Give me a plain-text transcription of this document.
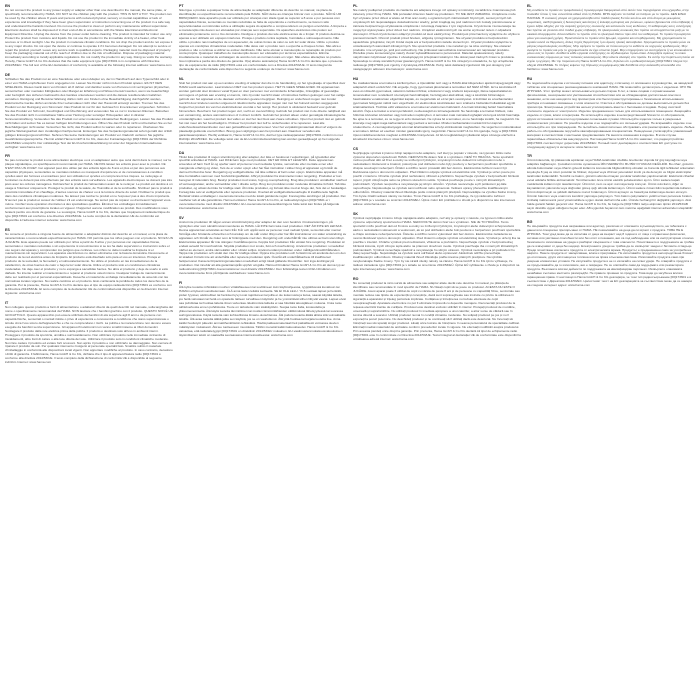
EN

Do not connect the product to any power supply or adapter other than one described in the manual, the same plate, or specifically recommended by HAMA. DO NOT let the children play with the product. THIS IS NOT A TOY. The product can be used by the children above 8 years and persons with reduced physical, sensory or mental capabilities or lack of experience and knowledge if they have been given supervision or instruction concerning use of the product in a safe way and understand the hazards involved. Do not use the product to clean or perform any maintenance without supervision. Electronic devices shall be disposed of in their end-of-life in accordance with the Waste Electrical and Electronic Equipment Directive. Unplug the device from the power outlet before cleaning. The product is intended for indoor use only. Protect the product from moisture and liquids. Do not use the product in the immediate vicinity of a heater, other heat sources or in direct sunlight. Use the product in moderate climatic conditions. Do not drop the product and do not expose it to any major shocks. Do not open the device or continue to operate it if it becomes damaged. Do not attempt to service or repair the product yourself. Leave any service work to qualified experts. Packaging material must be disposed of properly. Keep the packaging material out of the reach of children due to the risk of suffocation. Dispose of packaging material immediately according to locally applicable regulations. Do not modify the product in any way. Doing so voids the warranty. Hereby, Hama GmbH & Co KG declares that the radio equipment type [00]173601 is in compliance with Directive 2014/53/EU. The full text of the EU declaration of conformity is available at the following internet address: www.hama.com

DE

Schließen Sie das Produkt nur an eine Steckdose oder einen Adapter an, der im Handbuch auf dem Typenschild oder in einer von HAMA empfohlenen Form angegeben ist. Lassen Sie Kinder nicht mit dem Produkt spielen. ES IST KEIN SPIELZEUG. Dieses Gerät kann von Kindern ab 8 Jahren und darüber sowie von Personen mit verringerten physischen, sensorischen oder mentalen Fähigkeiten oder Mangel an Erfahrung und Wissen benutzt werden, wenn sie beaufsichtigt oder bezüglich des sicheren Gebrauchs des Gerätes unterwiesen wurden und die daraus resultierenden Gefahren verstehen. Reinigung und Benutzer-Wartung dürfen nicht von Kindern ohne Beaufsichtigung durchgeführt werden. Elektronische Geräte dürfen am Ende ihrer Lebensdauer nicht über den Hausmüll entsorgt werden. Trennen Sie das Produkt vor der Reinigung vom Stromnetz. Das Produkt ist nur für den Gebrauch in Innenräumen vorgesehen. Schützen Sie das Produkt vor Schmutz, Feuchtigkeit und Überhitzung und verwenden Sie es nur in trockenen Räumen. Betreiben Sie das Produkt nicht in unmittelbarer Nähe einer Heizung oder sonstiger Hitzequellen oder in direkter Sonneneinstrahlung. Verwenden Sie das Produkt nur unter moderaten klimatischen Bedingungen. Lassen Sie das Produkt nicht fallen und setzen Sie es keinen heftigen Erschütterungen aus. Öffnen Sie das Produkt nicht und betreiben Sie es bei Beschädigungen nicht weiter. Versuchen Sie nicht, das Produkt selbst zu warten oder zu reparieren. Überlassen Sie jegliche Wartungsarbeit dem zuständigen Fachpersonal. Entsorgen Sie das Verpackungsmaterial sofort gemäß den örtlich gültigen Entsorgungsvorschriften. Nehmen Sie keine Veränderungen am Produkt vor. Dadurch verlieren Sie jegliche Gewährleistungsansprüche. Hiermit erklärt Hama GmbH & Co KG, dass der Funkanlagentyp [00]173601 der Richtlinie 2014/53/EU entspricht. Der vollständige Text der EU-Konformitätserklärung ist unter der folgenden Internetadresse verfügbar: www.hama.com

FR

Ne pas connecter le produit à une alimentation électrique ou à un adaptateur autre que celui décrit dans le manuel, sur la plaque signalétique, ou spécifiquement recommandé par HAMA. NE PAS laisser les enfants jouer avec le produit. CE N'EST PAS UN JOUET. Cet appareil peut être utilisé par des enfants âgés de 8 ans et plus et par des personnes aux capacités physiques, sensorielles ou mentales réduites ou manquant d'expérience et de connaissances à condition qu'elles aient été formées et encadrées pour son utilisation et qu'elles en comprennent les risques. Le nettoyage et l'entretien ne doivent pas être effectués par des enfants sans surveillance. Les appareils électroniques ne doivent pas être jetés avec les ordures ménagères. Débranchez le produit de l'alimentation avant de le nettoyer. Le produit est destiné à un usage à l'intérieur uniquement. Protégez le produit de la saleté, de l'humidité et de la surchauffe. N'utilisez pas le produit à proximité immédiate d'un chauffage, d'autres sources de chaleur ou à la lumière directe du soleil. N'utilisez le produit que dans des conditions climatiques modérées. Ne laissez pas tomber le produit et ne l'exposez pas à des chocs importants. N'ouvrez pas le produit et cessez de l'utiliser s'il est endommagé. Ne tentez pas de réparer ou d'entretenir l'appareil vous-même. Confiez toute opération d'entretien à des spécialistes qualifiés. Éliminez les emballages immédiatement conformément aux prescriptions locales en vigueur. N'apportez aucune modification au produit. Des modifications vous feraient perdre vos droits de garantie. Le soussigné, Hama GmbH & Co KG, déclare que l'équipement radioélectrique du type [00]173601 est conforme à la directive 2014/53/UE. Le texte complet de la déclaration UE de conformité est disponible à l'adresse internet suivante: www.hama.com

ES

No conecte el producto a ninguna fuente de alimentación o adaptador distinto del descrito en el manual, en la placa de características o recomendado específicamente por HAMA. NO permita que los niños jueguen con el producto. NO ES UN JUGUETE. Este aparato puede ser utilizado por niños a partir de 8 años y por personas con capacidades físicas, sensoriales o mentales reducidas o sin experiencia ni conocimientos si se les ha dado supervisión o instrucción sobre el uso seguro del aparato y comprenden los peligros que conlleva. Los niños no deben realizar la limpieza ni el mantenimiento sin supervisión. Los aparatos electrónicos no deben eliminarse con la basura doméstica. Desconecte el producto de la red eléctrica antes de limpiarlo. El producto está diseñado sólo para el uso en interiores. Proteja el producto de la suciedad, la humedad y el sobrecalentamiento. No utilice el producto en las inmediaciones de la calefacción, de otras fuentes de calor o bajo la luz solar directa. Utilice el producto sólo en condiciones climáticas moderadas. No deje caer el producto y no lo exponga a sacudidas fuertes. No abra el producto y deje de usarlo si está dañado. No intente realizar el mantenimiento o reparar el producto usted mismo. Cualquier trabajo de mantenimiento debe ser realizado por el personal especializado. Deseche el material de embalaje inmediatamente de acuerdo con las normativas locales vigentes. No realice cambios en el producto. Esto conllevaría la pérdida de todos los derechos de la garantía. Por la presente, Hama GmbH & Co KG declara que el tipo de equipo radioeléctrico [00]173601 es conforme con la Directiva 2014/53/UE. El texto completo de la declaración UE de conformidad está disponible en la dirección Internet siguiente: www.hama.com

IT

Non collegare questo prodotto a fonti di alimentazione o adattatori diversi da quelli descritti nel manuale, sulla targhetta del nome o specificamente raccomandati da HAMA. NON lasciare che i bambini giochino con il prodotto. QUESTO NON È UN GIOCATTOLO. Questo apparecchio può essere utilizzato da bambini di età superiore agli 8 anni e da persone con capacità fisiche, sensoriali o mentali ridotte o prive di esperienza e conoscenza a condizione che siano supervisionate o istruite circa l'uso sicuro dell'apparecchio e che ne comprendano i rischi. La pulizia e la manutenzione non devono essere eseguite da bambini senza supervisione. Gli apparecchi elettronici non vanno smaltiti insieme ai rifiuti domestici. Scollegare il prodotto dalla rete elettrica prima della pulizia. Il prodotto è destinato solo all'uso in ambienti interni. Proteggere il prodotto da sporcizia, umidità e surriscaldamento. Non utilizzare il prodotto nelle immediate vicinanze di riscaldamenti, altre fonti di calore o alla luce diretta del sole. Utilizzare il prodotto solo in condizioni climatiche moderate. Non fare cadere il prodotto ed evitare forti scossoni. Non aprire il prodotto e non utilizzarlo se danneggiato. Non cercare di riparare il prodotto da soli. Per qualsiasi intervento rivolgersi al personale specializzato. Smaltire subito il materiale d'imballaggio in conformità alle disposizioni locali vigenti. Non apportare modifiche al prodotto. In caso contrario, decadono i diritti di garanzia. Il fabbricante, Hama GmbH & Co KG, dichiara che il tipo di apparecchiatura radio [00]173601 è conforme alla direttiva 2014/53/UE. Il testo completo della dichiarazione di conformità UE è disponibile al seguente indirizzo Internet: www.hama.com

PT

Não ligue o produto a qualquer fonte de alimentação ou adaptador diferente do descrito no manual, na placa de identificação ou especificamente recomendado pela HAMA. NÃO deixe as crianças brincar com o produto. NÃO É UM BRINQUEDO. Este aparelho pode ser utilizado por crianças com idade igual ou superior a 8 anos e por pessoas com capacidades físicas, sensoriais ou mentais reduzidas ou falta de experiência e conhecimento, se tiverem sido supervisionadas ou instruídas sobre a utilização segura do aparelho e compreenderem os perigos envolvidos. A limpeza e a manutenção não devem ser efetuadas por crianças sem supervisão. Os aparelhos eletrónicos não podem ser eliminados juntamente com o lixo doméstico. Desligue o produto da rede elétrica antes de o limpar. O produto destina-se apenas a ser utilizado em espaços interiores. Proteja o produto contra sujidade, humidade e sobreaquecimento. Não utilize o produto nas imediações de um aquecedor, de outras fontes de calor ou sob luz solar direta. Utilize o produto apenas em condições climatéricas moderadas. Não deixe cair o produto nem o exponha a choques fortes. Não abra o produto e não o continue a utilizar se estiver danificado. Não tente efetuar a manutenção ou reparação do produto por conta própria. Quaisquer trabalhos de manutenção devem ser efetuados por técnicos especializados. Elimine imediatamente o material de embalagem de acordo com as normas locais em vigor. Não efetue alterações no produto. Isso implicaria a perda dos direitos de garantia. O(a) abaixo assinado(a) Hama GmbH & Co KG declara que o presente tipo de equipamento de rádio [00]173601 está em conformidade com a Diretiva 2014/53/UE. O texto integral da declaração de conformidade está disponível no seguinte endereço de Internet: www.hama.com

NL

Sluit het product niet aan op een andere voeding of adapter dan die in de handleiding, op het typeplaatje of specifiek door HAMA wordt aanbevolen. Laat kinderen NIET met het product spelen. HET IS GEEN SPEELGOED. Dit apparaat kan worden gebruikt door kinderen vanaf 8 jaar en door personen met verminderde lichamelijke, zintuiglijke of geestelijke vermogens of gebrek aan ervaring en kennis, mits zij onder toezicht staan of instructies hebben gekregen over het veilige gebruik van het apparaat en de daaraan verbonden gevaren begrijpen. Reiniging en onderhoud mogen niet zonder toezicht door kinderen worden uitgevoerd. Elektronische apparaten mogen niet met het huisvuil worden weggegooid. Koppel het product los van het elektriciteitsnet voordat u het reinigt. Het product is uitsluitend bedoeld voor gebruik binnenshuis. Bescherm het product tegen vuil, vocht en oververhitting. Gebruik het product niet in de directe nabijheid van een verwarming, andere warmtebronnen of in direct zonlicht. Gebruik het product alleen onder gematigde klimatologische omstandigheden. Laat het product niet vallen en stel het niet bloot aan zware schokken. Open het product niet en gebruik het niet meer als het beschadigd is. Probeer het product niet zelf te onderhouden of te repareren. Laat alle onderhoudswerkzaamheden over aan gekwalificeerd vakpersoneel. Voer het verpakkingsmateriaal direct af volgens de plaatselijk geldende voorschriften. Breng geen wijzigingen aan het product aan. Daardoor vervallen alle garantieaanspraken. Hierbij verklaar ik, Hama GmbH & Co KG, dat het type radioapparatuur [00]173601 conform is met Richtlijn 2014/53/EU. De volledige tekst van de EU-conformiteitsverklaring kan worden geraadpleegd op het volgende internetadres: www.hama.com

DA

Tilslut ikke produktet til nogen strømforsyning eller adapter, der ikke er beskrevet i vejledningen, på typeskiltet eller specifikt anbefalet af HAMA. Lad IKKE børn lege med produktet. DET ER IKKE ET LEGETØJ. Dette apparat kan anvendes af børn fra 8 år og opefter samt af personer med nedsatte fysiske, sensoriske eller mentale evner eller manglende erfaring og viden, hvis de er under opsyn eller har fået instruktion i sikker brug af apparatet og forstår de dermed forbundne farer. Rengøring og vedligeholdelse må ikke udføres af børn uden opsyn. Elektroniske apparater må ikke bortskaffes sammen med husholdningsaffaldet. Afbryd produktet fra strømnettet inden rengøring. Produktet er kun beregnet til indendørs brug. Beskyt produktet mod snavs, fugt og overophedning. Brug ikke produktet i umiddelbar nærhed af varmeapparater, andre varmekilder eller i direkte sollys. Brug kun produktet under moderate klimatiske forhold. Tab ikke produktet, og udsæt det ikke for kraftige stød. Åbn ikke produktet, og fortsæt ikke med at bruge det, hvis det er beskadiget. Forsøg ikke selv at vedligeholde eller reparere produktet. Overlad alt vedligeholdelsesarbejde til kvalificerede fagfolk. Bortskaf straks emballagen i overensstemmelse med de lokalt gældende regler. Foretag ikke ændringer på produktet. Det medfører tab af alle garantikrav. Hermed erklærer Hama GmbH & Co KG, at radioudstyrstypen [00]173601 er i overensstemmelse med direktiv 2014/53/EU. EU-overensstemmelseserklæringens fulde tekst kan findes på følgende internetadresse: www.hama.com

SV

Anslut inte produkten till någon annan strömförsörjning eller adapter än den som beskrivs i bruksanvisningen, på typskylten eller som särskilt rekommenderas av HAMA. Låt INTE barn leka med produkten. DET ÄR INTE EN LEKSAK. Denna apparat kan användas av barn från 8 år och uppåt samt av personer med nedsatt fysisk, sensorisk eller mental förmåga eller bristande erfarenhet och kunskap om de står under tillsyn eller har fått instruktioner om säker användning av apparaten och förstår de risker som är förknippade med den. Rengöring och underhåll får inte utföras av barn utan tillsyn. Elektroniska apparater får inte slängas i hushållssoporna. Koppla bort produkten från elnätet före rengöring. Produkten är endast avsedd för inomhusbruk. Skydda produkten mot smuts, fukt och överhettning. Använd inte produkten i omedelbar närhet av element, andra värmekällor eller i direkt solljus. Använd endast produkten under måttliga klimatförhållanden. Tappa inte produkten och utsätt den inte för kraftiga stötar. Öppna inte produkten och fortsätt inte att använda den om den är skadad. Försök inte att underhålla eller reparera produkten själv. Överlåt allt underhållsarbete till kvalificerad fackpersonal. Kassera förpackningsmaterialet omedelbart enligt lokalt gällande föreskrifter. Gör inga ändringar på produkten. Det innebär att alla garantianspråk upphör att gälla. Härmed försäkrar Hama GmbH & Co KG att denna typ av radioutrustning [00]173601 överensstämmer med direktiv 2014/53/EU. Den fullständiga texten till EU-försäkran om överensstämmelse finns på följande webbadress: www.hama.com

FI

Älä kytke tuotetta mihinkään muuhun virtalähteeseen tai sovittimeen kuin käyttöohjeessa, tyyppikilvessä kuvattuun tai HAMAn erityisesti suosittelemaan. ÄLÄ anna lasten leikkiä tuotteella. SE EI OLE LELU. Yli 8-vuotiaat lapset ja henkilöt, joiden fyysiset, aistimelliset tai henkiset kyvyt ovat rajoittuneet tai joilla ei ole kokemusta ja tietoa, saavat käyttää laitetta, jos heitä valvotaan tai heitä on opastettu laitteen turvalliseen käyttöön ja he ymmärtävät siihen liittyvät vaarat. Lapset eivät saa puhdistaa tai huoltaa laitetta ilman valvontaa. Elektronisia laitteita ei saa hävittää talousjätteen mukana. Irrota tuote sähköverkosta ennen puhdistusta. Tuote on tarkoitettu vain sisäkäyttöön. Suojaa tuote lialta, kosteudelta ja ylikuumenemiselta. Älä käytä tuotetta lämmittimen tai muiden lämmönlähteiden välittömässä läheisyydessä tai suorassa auringonvalossa. Käytä tuotetta vain kohtuullisissa ilmasto-olosuhteissa. Älä pudota tuotetta äläkä altista sitä voimakkaille iskuille. Älä avaa tuotetta äläkä jatka sen käyttöä, jos se on vaurioitunut. Älä yritä huoltaa tai korjata tuotetta itse. Anna kaikki huoltotyöt pätevän ammattihenkilöstön tehtäväksi. Hävitä pakkausmateriaali heti paikallisesti voimassa olevien määräysten mukaisesti. Älä tee tuotteeseen muutoksia. Tällöin menetät kaikki takuuoikeudet. Hama GmbH & Co KG vakuuttaa, että radiolaitetyyppi [00]173601 on direktiivin 2014/53/EU mukainen. EU-vaatimustenmukaisuusvakuutuksen täysimittainen teksti on saatavilla seuraavassa internetosoitteessa: www.hama.com

PL

Nie należy podłączać produktu do zasilacza ani adaptera innego niż opisany w instrukcji, na tabliczce znamionowej lub zalecany przez firmę HAMA. NIE pozwalać dzieciom bawić się produktem. TO NIE JEST ZABAWKA. Urządzenie może być używane przez dzieci w wieku od 8 lat oraz osoby o ograniczonych zdolnościach fizycznych, sensorycznych lub umysłowych lub nieposiadające doświadczenia i wiedzy, jeżeli znajdują się pod nadzorem lub zostały poinstruowane w zakresie bezpiecznego użytkowania urządzenia i rozumieją związane z tym zagrożenia. Czyszczenie i konserwacja nie mogą być wykonywane przez dzieci bez nadzoru. Urządzeń elektronicznych nie wolno wyrzucać razem z odpadami domowymi. Przed czyszczeniem odłączyć produkt od sieci elektrycznej. Produkt jest przeznaczony wyłącznie do użytku w pomieszczeniach. Chronić produkt przed brudem, wilgocią i przegrzaniem. Nie używać produktu w bezpośrednim sąsiedztwie grzejników, innych źródeł ciepła ani w bezpośrednim świetle słonecznym. Używać produktu wyłącznie w umiarkowanych warunkach klimatycznych. Nie upuszczać produktu i nie narażać go na silne wstrząsy. Nie otwierać produktu i nie używać go, jeśli jest uszkodzony. Nie próbować samodzielnie konserwować ani naprawiać produktu. Wszelkie prace konserwacyjne należy zlecać wykwalifikowanemu personelowi. Materiał opakowaniowy należy natychmiast zutylizować zgodnie z obowiązującymi przepisami lokalnymi. Nie dokonywać żadnych zmian w produkcie. Spowoduje to utratę wszelkich praw gwarancyjnych. Hama GmbH & Co KG niniejszym oświadcza, że typ urządzenia radiowego [00]173601 jest zgodny z dyrektywą 2014/53/UE. Pełny tekst deklaracji zgodności UE jest dostępny pod następującym adresem internetowym: www.hama.com

HU

Ne csatlakoztassa a terméket a kézikönyvben, a típustáblán leírt vagy a HAMA által kifejezetten ajánlott tápegységtől vagy adaptertől eltérő eszközhöz. NE engedje, hogy gyermekek játsszanak a termékkel. EZ NEM JÁTÉK. Ezt a készüléket 8 éves és idősebb gyermekek, valamint csökkent fizikai, érzékszervi vagy szellemi képességű, illetve tapasztalattal és ismeretekkel nem rendelkező személyek használhatják, ha felügyelet alatt állnak, vagy a készülék biztonságos használatára vonatkozóan eligazítást kaptak, és megértették az ezzel járó veszélyeket. A tisztítást és a karbantartást gyermekek felügyelet nélkül nem végezhetik. Az elektronikus készülékeket nem szabad a háztartási hulladékkal együtt ártalmatlanítani. Tisztítás előtt válassza le a terméket az elektromos hálózatról. A termék kizárólag beltéri használatra készült. Óvja a terméket a szennyeződéstől, nedvességtől és túlmelegedéstől. Ne használja a terméket fűtőtest, más hőforrás közvetlen közelében vagy közvetlen napfényben. A terméket csak mérsékelt éghajlati viszonyok között használja. Ne ejtse le a terméket, és ne tegye ki erős ütéseknek. Ne nyissa fel a terméket, és ne használja tovább, ha megsérült. Ne kísérelje meg saját maga karbantartani vagy javítani a terméket. Minden karbantartási munkát bízzon képzett szakemberre. A csomagolóanyagot azonnal ártalmatlanítsa a helyi előírásoknak megfelelően. Ne végezzen módosításokat a terméken. Ebben az esetben minden garanciális igény megszűnik. Hama GmbH & Co KG igazolja, hogy a [00]173601 típusú rádióberendezés megfelel a 2014/53/EU irányelvnek. Az EU-megfelelőségi nyilatkozat teljes szövege elérhető a következő internetes címen: www.hama.com

CS

Nepřipojujte výrobek k jinému zdroji napájení nebo adaptéru, než který je popsán v návodu, na typovém štítku nebo výslovně doporučen společností HAMA. NEDOVOLTE dětem hrát si s výrobkem. NENÍ TO HRAČKA. Tento spotřebič mohou používat děti od 8 let a osoby se sníženými fyzickými, smyslovými nebo duševními schopnostmi nebo s nedostatkem zkušeností a znalostí, pokud jsou pod dohledem nebo byly poučeny o bezpečném používání spotřebiče a chápou související nebezpečí. Čištění a údržbu nesmí provádět děti bez dozoru. Elektronická zařízení nesmí být likvidována spolu s domovním odpadem. Před čištěním odpojte výrobek od elektrické sítě. Výrobek je určen pouze pro použití v interiéru. Chraňte výrobek před nečistotami, vlhkostí a přehřátím. Nepoužívejte výrobek v bezprostřední blízkosti topení, jiných zdrojů tepla nebo na přímém slunečním světle. Výrobek používejte pouze v mírných klimatických podmínkách. Výrobek neupusťte a nevystavujte jej silným otřesům. Výrobek neotevírejte a při poškození jej dále nepoužívejte. Nepokoušejte se výrobek sami udržovat nebo opravovat. Veškeré opravy přenechte kvalifikovaným odborníkům. Obalový materiál ihned zlikvidujte podle místně platných předpisů. Neprovádějte na výrobku žádné změny. Tím byste ztratili veškeré nároky na záruku. Tímto Hama GmbH & Co KG prohlašuje, že typ rádiového zařízení [00]173601 je v souladu se směrnicí 2014/53/EU. Úplné znění EU prohlášení o shodě je k dispozici na této internetové adrese: www.hama.com

SK

Výrobok nepripájajte k inému zdroju napájania alebo adaptéru, než aký je opísaný v návode, na typovom štítku alebo výslovne odporúčaný spoločnosťou HAMA. NEDOVOĽTE deťom hrať sa s výrobkom. NIE JE TO HRAČKA. Tento spotrebič môžu používať deti od 8 rokov a osoby so zníženými fyzickými, zmyslovými alebo duševnými schopnosťami alebo s nedostatkom skúseností a vedomostí, ak sú pod dohľadom alebo boli poučené o bezpečnom používaní spotrebiča a chápu súvisiace nebezpečenstvá. Čistenie a údržbu nesmú vykonávať deti bez dozoru. Elektronické zariadenia sa nesmú likvidovať spolu s domovým odpadom. Pred čistením odpojte výrobok od elektrickej siete. Výrobok je určený iba na použitie v interiéri. Chráňte výrobok pred nečistotami, vlhkosťou a prehriatím. Nepoužívajte výrobok v bezprostrednej blízkosti kúrenia, iných zdrojov tepla alebo na priamom slnečnom svetle. Výrobok používajte iba v miernych klimatických podmienkach. Výrobok nenechajte spadnúť a nevystavujte ho silným otrasom. Výrobok neotvárajte a pri poškodení ho ďalej nepoužívajte. Nepokúšajte sa výrobok sami udržiavať alebo opravovať. Akúkoľvek údržbu prenechajte kvalifikovaným odborníkom. Obalový materiál ihneď zlikvidujte podľa miestne platných predpisov. Na výrobku nevykonávajte žiadne zmeny. Tým by ste stratili všetky nároky na záruku. Hama GmbH & Co KG týmto vyhlasuje, že rádiové zariadenie typu [00]173601 je v súlade so smernicou 2014/53/EÚ. Úplné EÚ vyhlásenie o zhode je k dispozícii na tejto internetovej adrese: www.hama.com

RO

Nu conectați produsul la nicio sursă de alimentare sau adaptor altele decât cele descrise în manual, pe plăcuța de identificare sau recomandate în mod specific de HAMA. NU lăsați copiii să se joace cu produsul. ACESTA NU ESTE O JUCĂRIE. Acest aparat poate fi utilizat de copii cu vârsta de peste 8 ani și de persoane cu capacități fizice, senzoriale sau mentale reduse sau lipsite de experiență și cunoștințe, dacă sunt supravegheate sau instruite cu privire la utilizarea în siguranță a aparatului și înțeleg pericolele implicate. Curățarea și întreținerea nu trebuie efectuate de copii nesupravegheați. Aparatele electronice nu pot fi eliminate împreună cu deșeurile menajere. Deconectați produsul de la rețeaua electrică înainte de curățare. Produsul este destinat exclusiv utilizării în interior. Protejați produsul de murdărie, umezeală și supraîncălzire. Nu utilizați produsul în imediata apropiere a unui calorifer, a altor surse de căldură sau în lumina directă a soarelui. Utilizați produsul numai în condiții climatice moderate. Nu scăpați produsul pe jos și nu îl expuneți la șocuri puternice. Nu deschideți produsul și nu continuați să îl utilizați dacă este deteriorat. Nu încercați să întrețineți sau să reparați singur produsul. Lăsați orice lucrare de întreținere în seama personalului de specialitate calificat. Eliminați imediat materialul de ambalare conform prevederilor locale în vigoare. Nu efectuați modificări asupra produsului. Prin aceasta pierdeți orice drept la garanție. Prin prezenta, Hama GmbH & Co KG declară că tipul de echipamente radio [00]173601 este în conformitate cu Directiva 2014/53/UE. Textul integral al declarației UE de conformitate este disponibil la următoarea adresă internet: www.hama.com

EL

Μη συνδέετε το προϊόν σε τροφοδοτικό ή προσαρμογέα διαφορετικό από αυτόν που περιγράφεται στο εγχειρίδιο, στην πινακίδα τύπου ή που συνιστάται ειδικά από τη HAMA. ΜΗΝ αφήνετε τα παιδιά να παίζουν με το προϊόν. ΔΕΝ ΕΙΝΑΙ ΠΑΙΧΝΙΔΙ. Η συσκευή μπορεί να χρησιμοποιηθεί από παιδιά ηλικίας 8 ετών και άνω και από άτομα με μειωμένες σωματικές, αισθητηριακές ή διανοητικές ικανότητες ή έλλειψη εμπειρίας και γνώσεων, εφόσον βρίσκονται υπό επίβλεψη ή έχουν λάβει οδηγίες για την ασφαλή χρήση της συσκευής και κατανοούν τους κινδύνους. Ο καθαρισμός και η συντήρηση δεν πρέπει να γίνονται από παιδιά χωρίς επίβλεψη. Οι ηλεκτρονικές συσκευές δεν πρέπει να απορρίπτονται μαζί με τα οικιακά απορρίμματα. Αποσυνδέστε το προϊόν από το ηλεκτρικό δίκτυο πριν από τον καθαρισμό. Το προϊόν προορίζεται μόνο για εσωτερική χρήση. Προστατεύστε το προϊόν από βρωμιά, υγρασία και υπερθέρμανση. Μη χρησιμοποιείτε το προϊόν κοντά σε θέρμανση, άλλες πηγές θερμότητας ή σε άμεση ηλιακή ακτινοβολία. Χρησιμοποιείτε το προϊόν μόνο σε μέτριες κλιματολογικές συνθήκες. Μην αφήνετε το προϊόν να πέσει και μην το εκθέτετε σε ισχυρούς κραδασμούς. Μην ανοίγετε το προϊόν και μην το χρησιμοποιείτε αν έχει υποστεί ζημιά. Μην επιχειρήσετε να συντηρήσετε ή να επισκευάσετε μόνοι σας το προϊόν. Αναθέστε κάθε εργασία συντήρησης σε εξειδικευμένο προσωπικό. Απορρίψτε αμέσως το υλικό συσκευασίας σύμφωνα με τους τοπικούς κανονισμούς. Μην κάνετε αλλαγές στο προϊόν. Σε αυτήν την περίπτωση παύει να ισχύει η εγγύηση. Με την παρούσα ο/η Hama GmbH & Co KG, δηλώνει ότι ο ραδιοεξοπλισμός [00]173601 πληροί την οδηγία 2014/53/ΕΕ. Το πλήρες κείμενο της δήλωσης συμμόρφωσης ΕΕ διατίθεται στην ακόλουθη ιστοσελίδα στο διαδίκτυο: www.hama.com

RU

Не подключайте изделие к источнику питания или адаптеру, отличному от описанного в руководстве, на заводской табличке или специально рекомендованного компанией HAMA. НЕ позволяйте детям играть с изделием. ЭТО НЕ ИГРУШКА. Этот прибор может использоваться детьми старше 8 лет, а также лицами с ограниченными физическими, сенсорными или умственными способностями или не обладающими достаточным опытом и знаниями, если они находятся под присмотром или были проинструктированы о безопасном использовании прибора и понимают связанные с этим опасности. Очистка и обслуживание не должны выполняться детьми без присмотра. Электронные устройства нельзя утилизировать вместе с бытовыми отходами. Перед очисткой отключите изделие от электросети. Изделие предназначено только для использования в помещении. Защищайте изделие от грязи, влаги и перегрева. Не используйте изделие в непосредственной близости от обогревателя, других источников тепла или под прямыми солнечными лучами. Используйте изделие только в умеренных климатических условиях. Не роняйте изделие и не подвергайте его сильным ударам. Не вскрывайте изделие и не используйте его при повреждении. Не пытайтесь самостоятельно обслуживать или ремонтировать изделие. Любые работы по обслуживанию поручайте квалифицированным специалистам. Немедленно утилизируйте упаковочный материал в соответствии с местными предписаниями. Не вносите изменения в изделие. В этом случае гарантийные обязательства аннулируются. Настоящим Hama GmbH & Co KG заявляет, что радиоустройство [00]173601 соответствует директиве 2014/53/EU. Полный текст декларации о соответствии ЕС доступен по следующему адресу в интернете: www.hama.com

TR

Ürünü kılavuzda, tip plakasında açıklanan veya HAMA tarafından özellikle önerilenler dışında bir güç kaynağına veya adaptöre bağlamayın. Çocukların ürünle oynamasına İZİN VERMEYİN. BU BİR OYUNCAK DEĞİLDİR. Bu cihaz, gözetim altında bulunmaları veya cihazın güvenli kullanımı konusunda bilgilendirilmiş olmaları ve bununla ilgili tehlikeleri anlamaları koşuluyla 8 yaş ve üzeri çocuklar ile fiziksel, duyusal veya zihinsel yetenekleri kısıtlı ya da deneyim ve bilgisi eksik kişiler tarafından kullanılabilir. Temizlik ve bakım, gözetim altında olmayan çocuklar tarafından yapılmamalıdır. Elektronik cihazlar evsel atıklarla birlikte atılmamalıdır. Temizlemeden önce ürünü elektrik şebekesinden ayırın. Ürün sadece kapalı mekânlarda kullanım için tasarlanmıştır. Ürünü kir, nem ve aşırı ısınmaya karşı koruyun. Ürünü ısıtıcıların, diğer ısı kaynaklarının yakınında veya doğrudan güneş ışığı altında kullanmayın. Ürünü sadece ılıman iklim koşullarında kullanın. Ürünü düşürmeyin ve şiddetli darbelere maruz bırakmayın. Ürünü açmayın ve hasarlıysa kullanmaya devam etmeyin. Ürünün bakımını veya onarımını kendiniz yapmaya çalışmayın. Tüm bakım çalışmalarını yetkili uzman personele bırakın. Ambalaj malzemesini yerel yönetmeliklere uygun olarak derhal imha edin. Üründe herhangi bir değişiklik yapmayın. Aksi halde garanti hakları geçersiz olur. Hama GmbH & Co KG, bu belge ile [00]173601 radyo ekipmanı tipinin 2014/53/AB sayılı direktife uygun olduğunu beyan eder. AB uygunluk beyanının tam metnine aşağıdaki internet adresinden ulaşılabilir: www.hama.com

BG

Не свързвайте продукта към захранване или адаптер, различни от описаните в ръководството, на табелката с данни или специално препоръчани от HAMA. НЕ позволявайте на деца да си играят с продукта. ТОВА НЕ Е ИГРАЧКА. Този уред може да се използва от деца на възраст над 8 години и от лица с ограничени физически, сетивни или умствени способности или без опит и познания, ако са под наблюдение или са инструктирани относно безопасното използване на уреда и разбират свързаните с това опасности. Почистването и поддръжката не трябва да се извършват от деца без надзор. Електронните уреди не трябва да се изхвърлят заедно с битовите отпадъци. Преди почистване изключете продукта от електрическата мрежа. Продуктът е предназначен само за употреба на закрито. Пазете продукта от замърсяване, влага и прегряване. Не използвайте продукта в непосредствена близост до отопление, други източници на топлина или на пряка слънчева светлина. Използвайте продукта само при умерени климатични условия. Не изпускайте продукта и не го излагайте на силни удари. Не отваряйте продукта и не продължавайте да го използвате, ако е повреден. Не се опитвайте сами да поддържате или ремонтирате продукта. Възложете всички дейности по поддръжката на квалифициран персонал. Изхвърлете опаковката незабавно съгласно местните разпоредби. Не правете промени по продукта. Това води до загуба на всички гаранционни права. С настоящото Hama GmbH & Co KG декларира, че този тип радиосъоръжение [00]173601 е в съответствие с Директива 2014/53/ЕС. Цялостният текст на ЕС декларацията за съответствие може да се намери на следния интернет адрес: www.hama.com
